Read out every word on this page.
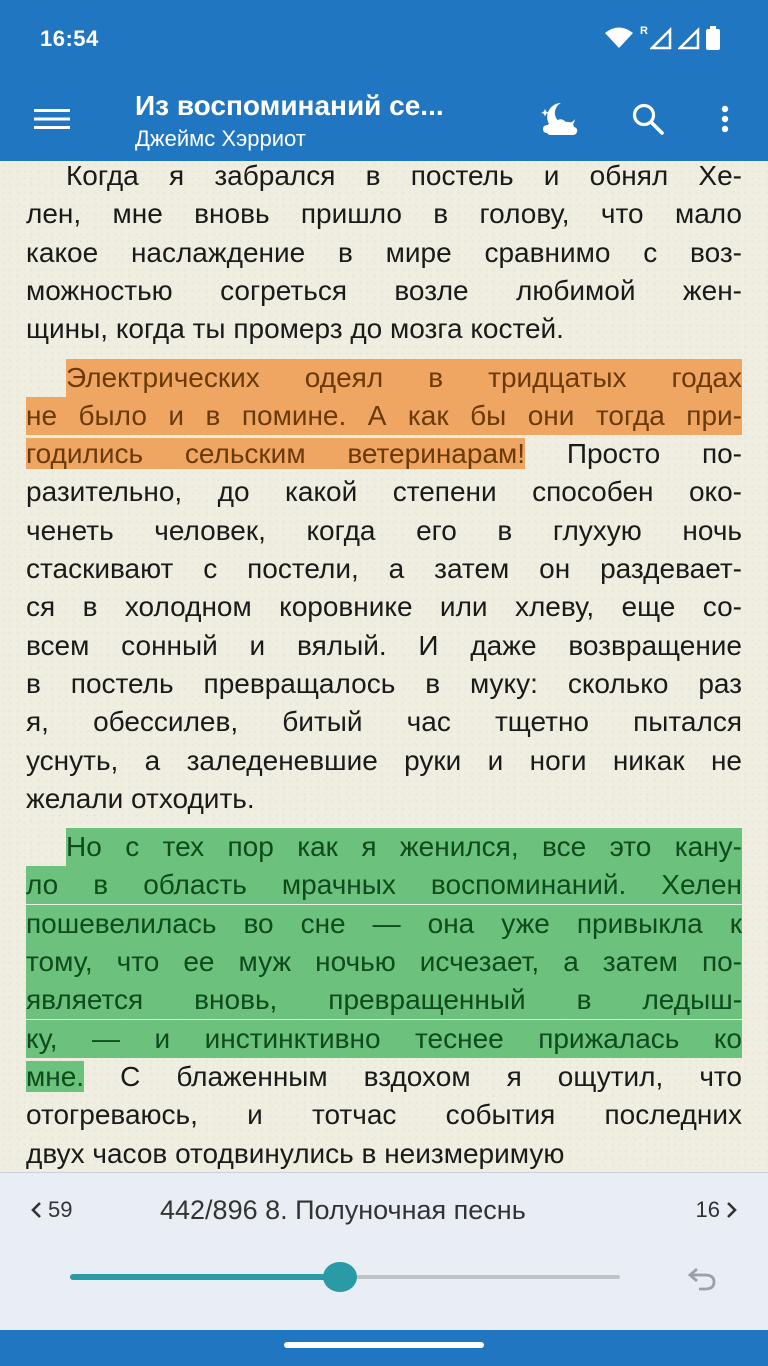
16:54	R
Из воспоминаний се...
Джеймс Хэрриот
Когда я забрался в постель и обнял Хе-
лен, мне вновь пришло в голову, что мало
какое наслаждение в мире сравнимо с воз-
можностью согреться возле любимой жен-
щины, когда ты промерз до мозга костей.
Электрических одеял в тридцатых годах
не было и в помине. А как бы они тогда при-
годились сельским ветеринарам! Просто по-
разительно, до какой степени способен око-
ченеть человек, когда его в глухую ночь
стаскивают с постели, а затем он раздевает-
ся в холодном коровнике или хлеву, еще со-
всем сонный и вялый. И даже возвращение
в постель превращалось в муку: сколько раз
я, обессилев, битый час тщетно пытался
уснуть, а заледеневшие руки и ноги никак не
желали отходить.
Но с тех пор как я женился, все это кану-
ло в область мрачных воспоминаний. Хелен
пошевелилась во сне — она уже привыкла к
тому, что ее муж ночью исчезает, а затем по-
является вновь, превращенный в ледыш-
ку, — и инстинктивно теснее прижалась ко
мне. С блаженным вздохом я ощутил, что
отогреваюсь, и тотчас события последних
двух часов отодвинулись в неизмеримую
59	442/896 8. Полуночная песнь	16
